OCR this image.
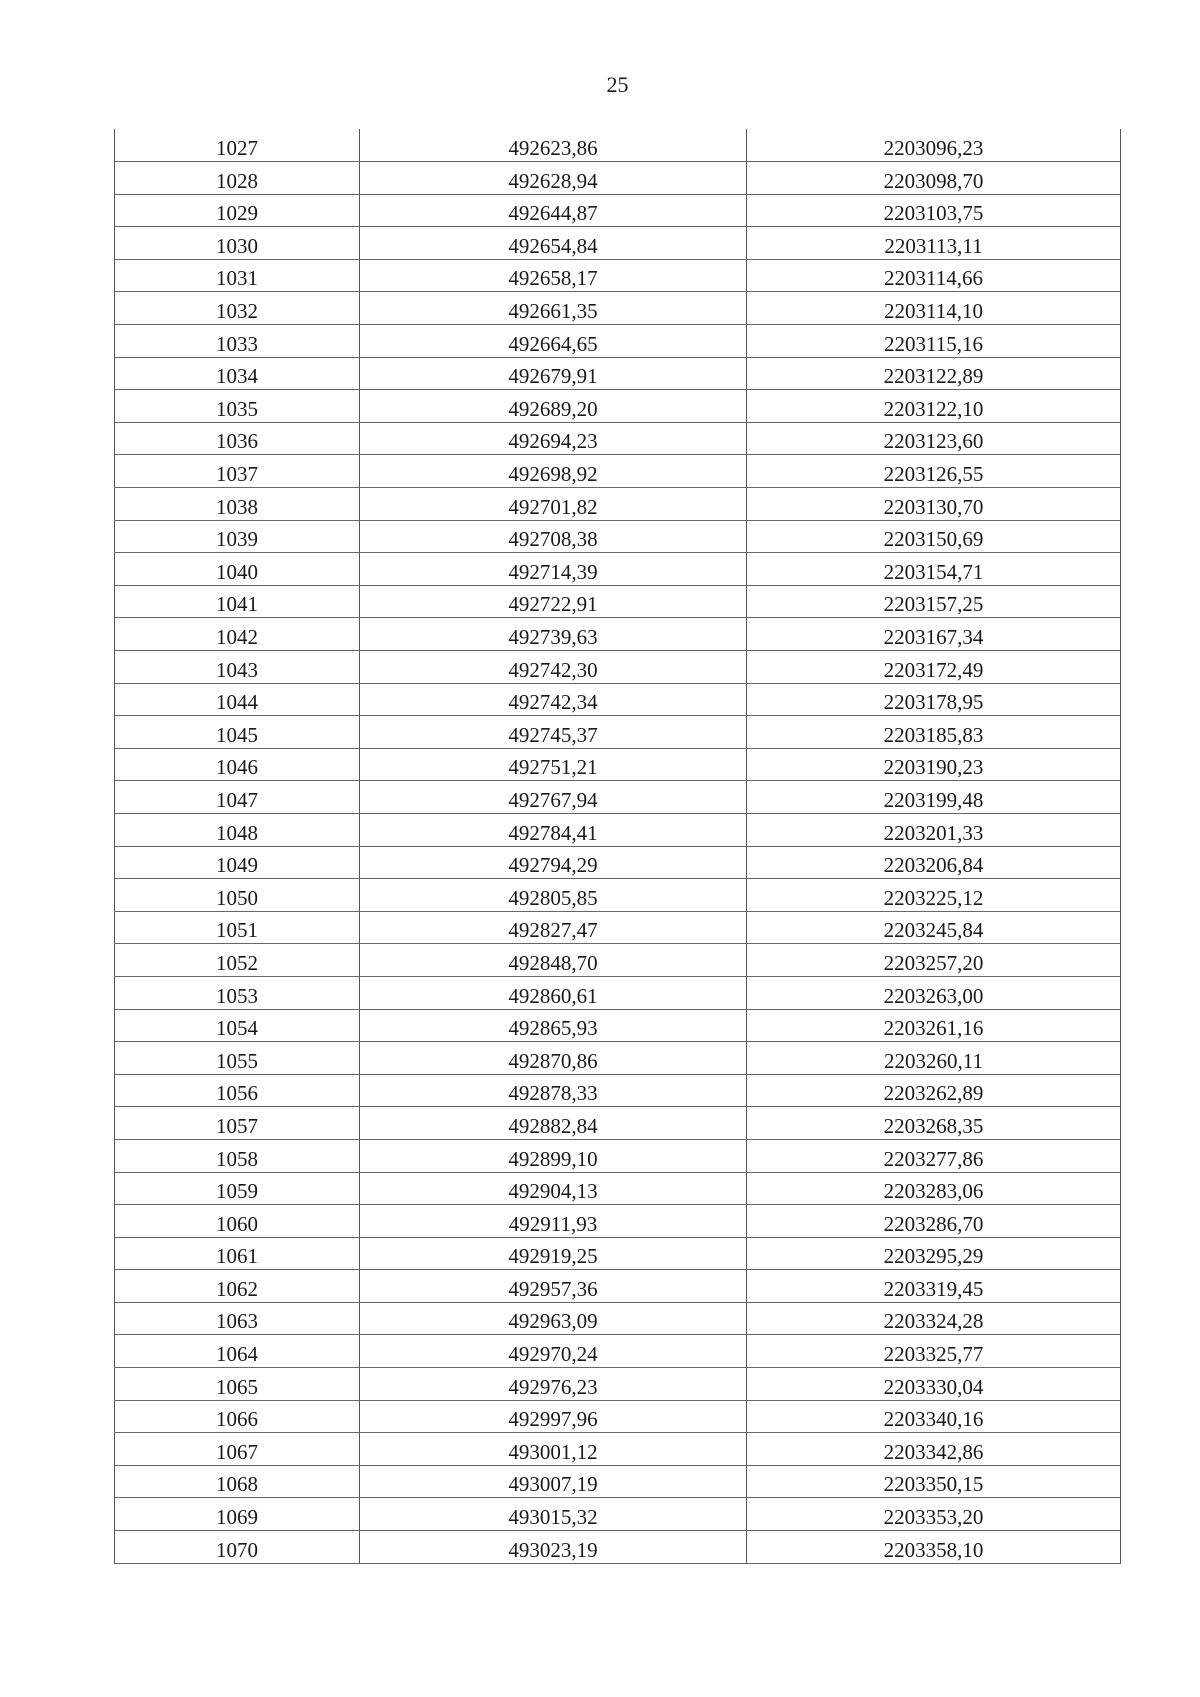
25
1027	492623,86	2203096,23
1028	492628,94	2203098,70
1029	492644,87	2203103,75
1030	492654,84	2203113,11
1031	492658,17	2203114,66
1032	492661,35	2203114,10
1033	492664,65	2203115,16
1034	492679,91	2203122,89
1035	492689,20	2203122,10
1036	492694,23	2203123,60
1037	492698,92	2203126,55
1038	492701,82	2203130,70
1039	492708,38	2203150,69
1040	492714,39	2203154,71
1041	492722,91	2203157,25
1042	492739,63	2203167,34
1043	492742,30	2203172,49
1044	492742,34	2203178,95
1045	492745,37	2203185,83
1046	492751,21	2203190,23
1047	492767,94	2203199,48
1048	492784,41	2203201,33
1049	492794,29	2203206,84
1050	492805,85	2203225,12
1051	492827,47	2203245,84
1052	492848,70	2203257,20
1053	492860,61	2203263,00
1054	492865,93	2203261,16
1055	492870,86	2203260,11
1056	492878,33	2203262,89
1057	492882,84	2203268,35
1058	492899,10	2203277,86
1059	492904,13	2203283,06
1060	492911,93	2203286,70
1061	492919,25	2203295,29
1062	492957,36	2203319,45
1063	492963,09	2203324,28
1064	492970,24	2203325,77
1065	492976,23	2203330,04
1066	492997,96	2203340,16
1067	493001,12	2203342,86
1068	493007,19	2203350,15
1069	493015,32	2203353,20
1070	493023,19	2203358,10
